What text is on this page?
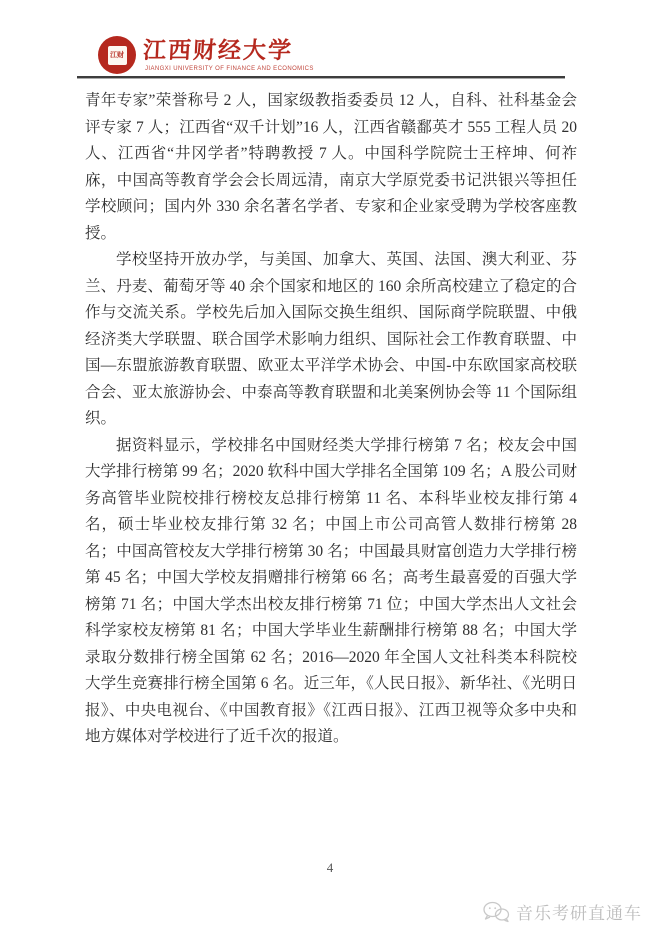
江财 江西财经大学
JIANGXI UNIVERSITY OF FINANCE AND ECONOMICS

青年专家”荣誉称号 2 人，国家级教指委委员 12 人，自科、社科基金会评专家 7 人；江西省“双千计划”16 人，江西省赣鄱英才 555 工程人员 20 人、江西省“井冈学者”特聘教授 7 人。中国科学院院士王梓坤、何祚庥，中国高等教育学会会长周远清，南京大学原党委书记洪银兴等担任学校顾问；国内外 330 余名著名学者、专家和企业家受聘为学校客座教授。

学校坚持开放办学，与美国、加拿大、英国、法国、澳大利亚、芬兰、丹麦、葡萄牙等 40 余个国家和地区的 160 余所高校建立了稳定的合作与交流关系。学校先后加入国际交换生组织、国际商学院联盟、中俄经济类大学联盟、联合国学术影响力组织、国际社会工作教育联盟、中国—东盟旅游教育联盟、欧亚太平洋学术协会、中国-中东欧国家高校联合会、亚太旅游协会、中泰高等教育联盟和北美案例协会等 11 个国际组织。

据资料显示，学校排名中国财经类大学排行榜第 7 名；校友会中国大学排行榜第 99 名；2020 软科中国大学排名全国第 109 名；A 股公司财务高管毕业院校排行榜校友总排行榜第 11 名、本科毕业校友排行第 4 名，硕士毕业校友排行第 32 名；中国上市公司高管人数排行榜第 28 名；中国高管校友大学排行榜第 30 名；中国最具财富创造力大学排行榜第 45 名；中国大学校友捐赠排行榜第 66 名；高考生最喜爱的百强大学榜第 71 名；中国大学杰出校友排行榜第 71 位；中国大学杰出人文社会科学家校友榜第 81 名；中国大学毕业生薪酬排行榜第 88 名；中国大学录取分数排行榜全国第 62 名；2016—2020 年全国人文社科类本科院校大学生竞赛排行榜全国第 6 名。近三年，《人民日报》、新华社、《光明日报》、中央电视台、《中国教育报》《江西日报》、江西卫视等众多中央和地方媒体对学校进行了近千次的报道。

4
音乐考研直通车
